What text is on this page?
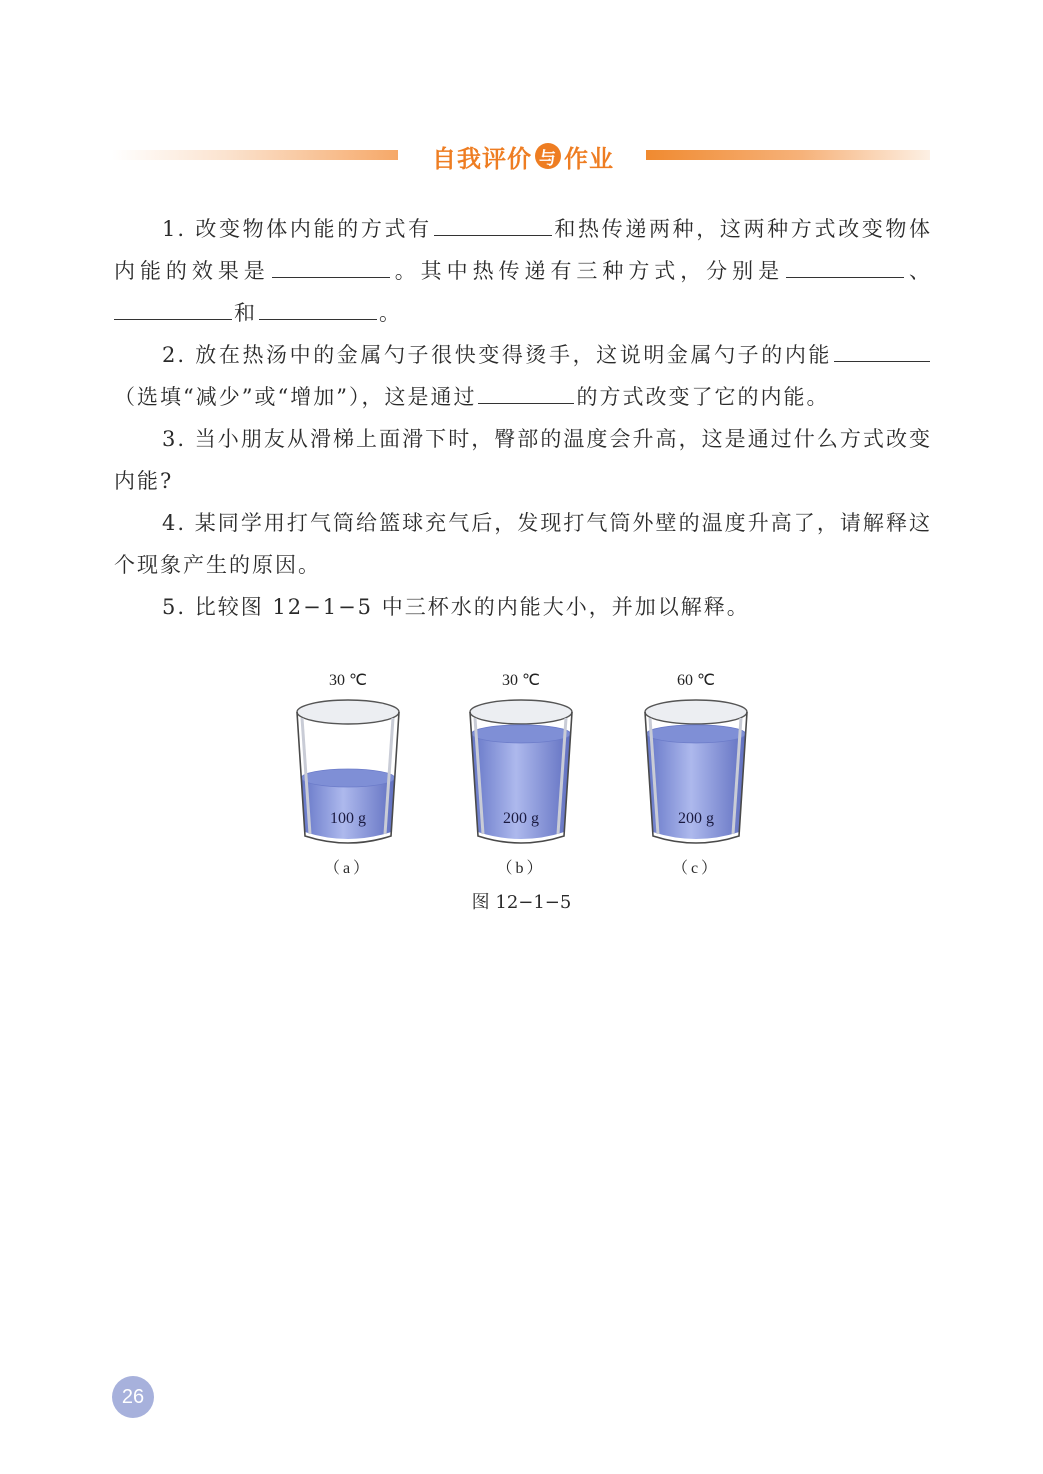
自我评价 与 作业

1. 改变物体内能的方式有	和热传递两种，这两种方式改变物体内能的效果是	。其中热传递有三种方式，分别是	、和	。

2. 放在热汤中的金属勺子很快变得烫手，这说明金属勺子的内能（选填“减少”或“增加”），这是通过	的方式改变了它的内能。

3. 当小朋友从滑梯上面滑下时，臀部的温度会升高，这是通过什么方式改变内能?

4. 某同学用打气筒给篮球充气后，发现打气筒外壁的温度升高了，请解释这个现象产生的原因。

5. 比较图 12−1−5 中三杯水的内能大小，并加以解释。

30 ℃
100 g
（a）
30 ℃
200 g
（b）
60 ℃
200 g
（c）
图 12−1−5
26
